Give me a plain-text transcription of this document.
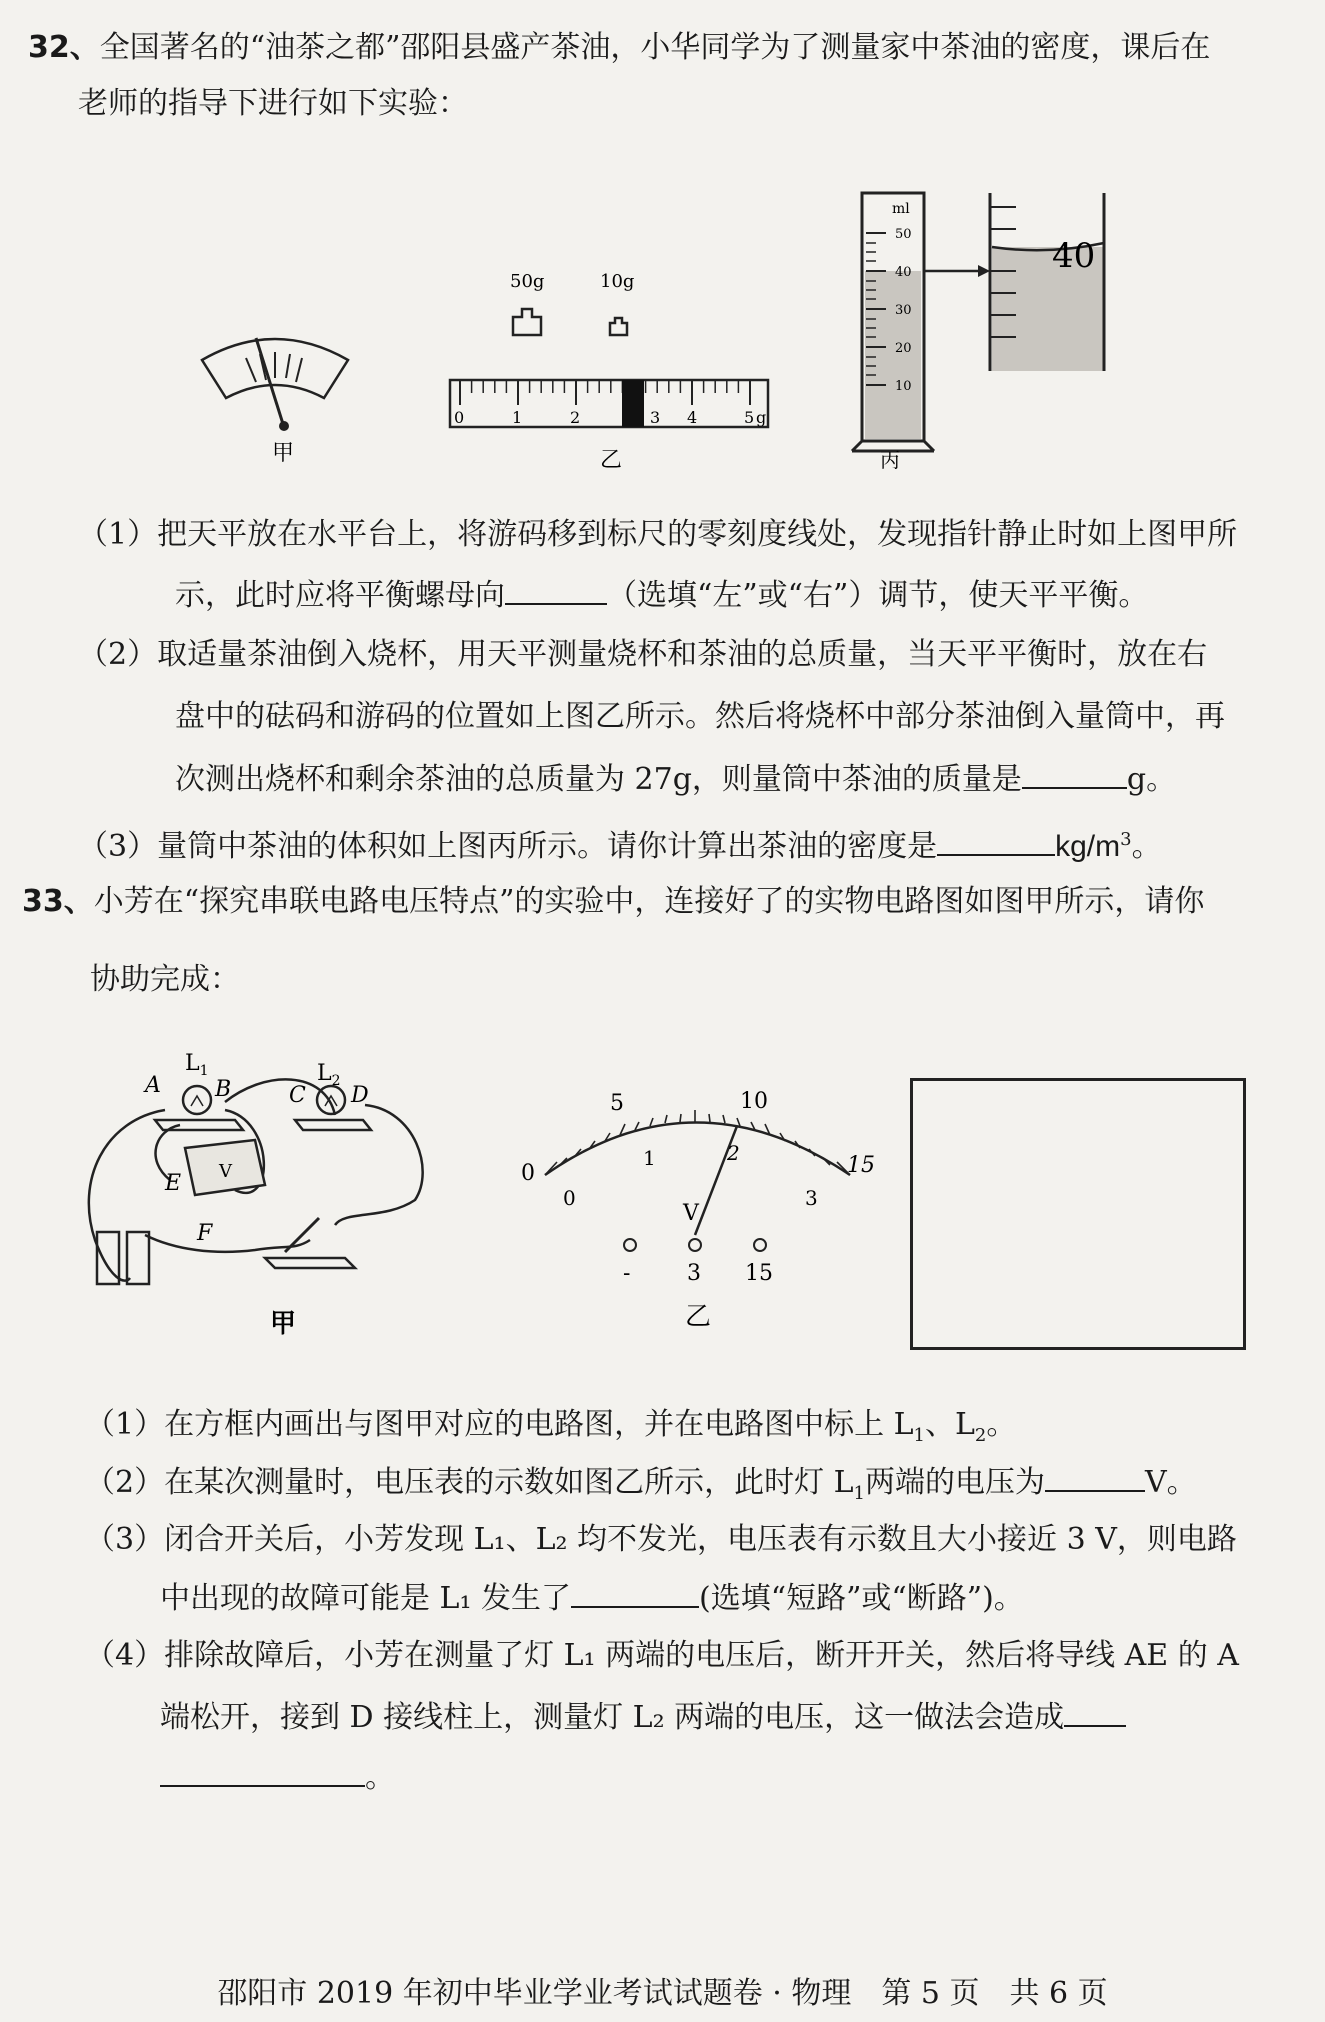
32、全国著名的“油茶之都”邵阳县盛产茶油，小华同学为了测量家中茶油的密度，课后在
老师的指导下进行如下实验：
甲
50g	10g
0	1	2	3 4	5 g
乙
ml
50
40
30
20
10
40
丙
（1）把天平放在水平台上，将游码移到标尺的零刻度线处，发现指针静止时如上图甲所
示，此时应将平衡螺母向	（选填“左”或“右”）调节，使天平平衡。
（2）取适量茶油倒入烧杯，用天平测量烧杯和茶油的总质量，当天平平衡时，放在右
盘中的砝码和游码的位置如上图乙所示。然后将烧杯中部分茶油倒入量筒中，再
次测出烧杯和剩余茶油的总质量为 27g，则量筒中茶油的质量是	g。
（3）量筒中茶油的体积如上图丙所示。请你计算出茶油的密度是	$kg/m^3$。
33、小芳在“探究串联电路电压特点”的实验中，连接好了的实物电路图如图甲所示，请你
协助完成：
V
A B	C D
E
F
$L_1$	$L_2$
甲
0
5	10
15
0
1	2
3
V
-	3 15
乙
（1）在方框内画出与图甲对应的电路图，并在电路图中标上 $L_1$、$L_2$。
（2）在某次测量时，电压表的示数如图乙所示，此时灯 $L_1$两端的电压为	V。
（3）闭合开关后，小芳发现 L₁、L₂ 均不发光，电压表有示数且大小接近 3 V，则电路
中出现的故障可能是 L₁ 发生了	(选填“短路”或“断路”)。
（4）排除故障后，小芳在测量了灯 L₁ 两端的电压后，断开开关，然后将导线 AE 的 A
端松开，接到 D 接线柱上，测量灯 L₂ 两端的电压，这一做法会造成
。
邵阳市 2019 年初中毕业学业考试试题卷 · 物理　第 5 页　共 6 页
